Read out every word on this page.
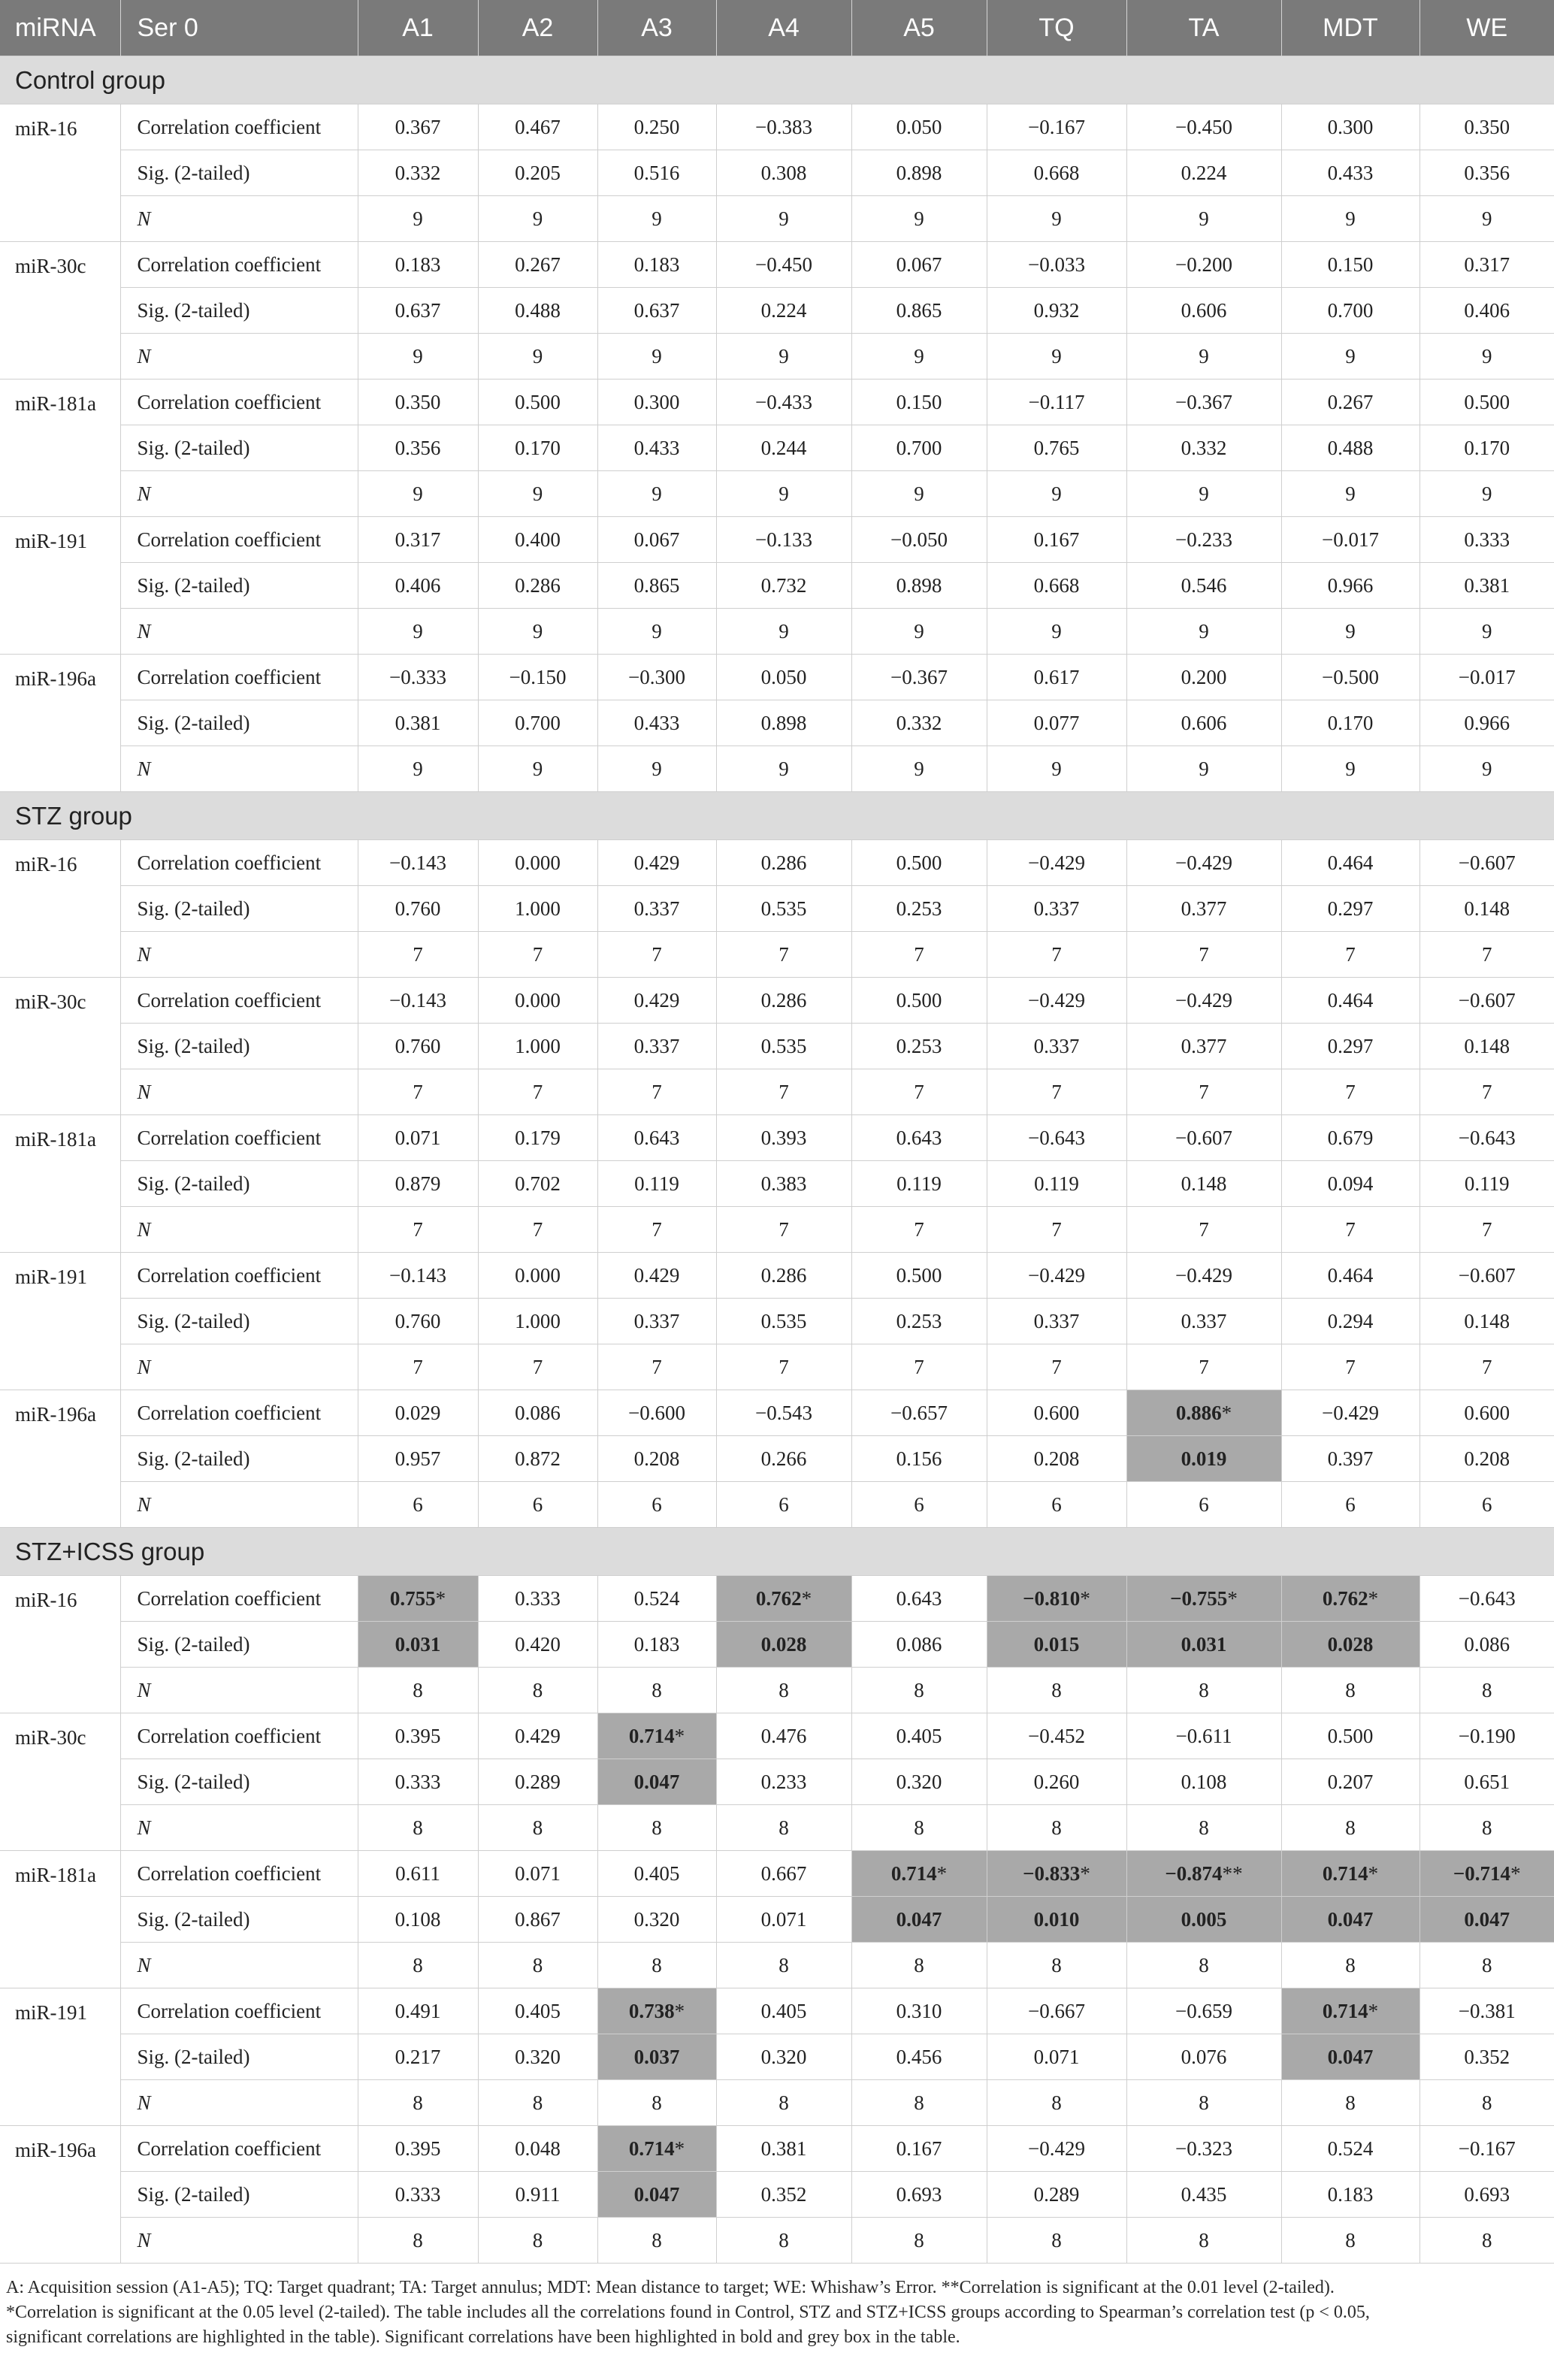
miRNA	Ser 0	A1	A2	A3	A4	A5	TQ	TA	MDT	WE
Control group										
miR-16	Correlation coefficient	0.367	0.467	0.250	−0.383	0.050	−0.167	−0.450	0.300	0.350
	Sig. (2-tailed)	0.332	0.205	0.516	0.308	0.898	0.668	0.224	0.433	0.356
	N	9	9	9	9	9	9	9	9	9
miR-30c	Correlation coefficient	0.183	0.267	0.183	−0.450	0.067	−0.033	−0.200	0.150	0.317
	Sig. (2-tailed)	0.637	0.488	0.637	0.224	0.865	0.932	0.606	0.700	0.406
	N	9	9	9	9	9	9	9	9	9
miR-181a	Correlation coefficient	0.350	0.500	0.300	−0.433	0.150	−0.117	−0.367	0.267	0.500
	Sig. (2-tailed)	0.356	0.170	0.433	0.244	0.700	0.765	0.332	0.488	0.170
	N	9	9	9	9	9	9	9	9	9
miR-191	Correlation coefficient	0.317	0.400	0.067	−0.133	−0.050	0.167	−0.233	−0.017	0.333
	Sig. (2-tailed)	0.406	0.286	0.865	0.732	0.898	0.668	0.546	0.966	0.381
	N	9	9	9	9	9	9	9	9	9
miR-196a	Correlation coefficient	−0.333	−0.150	−0.300	0.050	−0.367	0.617	0.200	−0.500	−0.017
	Sig. (2-tailed)	0.381	0.700	0.433	0.898	0.332	0.077	0.606	0.170	0.966
	N	9	9	9	9	9	9	9	9	9
STZ group										
miR-16	Correlation coefficient	−0.143	0.000	0.429	0.286	0.500	−0.429	−0.429	0.464	−0.607
	Sig. (2-tailed)	0.760	1.000	0.337	0.535	0.253	0.337	0.377	0.297	0.148
	N	7	7	7	7	7	7	7	7	7
miR-30c	Correlation coefficient	−0.143	0.000	0.429	0.286	0.500	−0.429	−0.429	0.464	−0.607
	Sig. (2-tailed)	0.760	1.000	0.337	0.535	0.253	0.337	0.377	0.297	0.148
	N	7	7	7	7	7	7	7	7	7
miR-181a	Correlation coefficient	0.071	0.179	0.643	0.393	0.643	−0.643	−0.607	0.679	−0.643
	Sig. (2-tailed)	0.879	0.702	0.119	0.383	0.119	0.119	0.148	0.094	0.119
	N	7	7	7	7	7	7	7	7	7
miR-191	Correlation coefficient	−0.143	0.000	0.429	0.286	0.500	−0.429	−0.429	0.464	−0.607
	Sig. (2-tailed)	0.760	1.000	0.337	0.535	0.253	0.337	0.337	0.294	0.148
	N	7	7	7	7	7	7	7	7	7
miR-196a	Correlation coefficient	0.029	0.086	−0.600	−0.543	−0.657	0.600	0.886*	−0.429	0.600
	Sig. (2-tailed)	0.957	0.872	0.208	0.266	0.156	0.208	0.019	0.397	0.208
	N	6	6	6	6	6	6	6	6	6
STZ+ICSS group										
miR-16	Correlation coefficient	0.755*	0.333	0.524	0.762*	0.643	−0.810*	−0.755*	0.762*	−0.643
	Sig. (2-tailed)	0.031	0.420	0.183	0.028	0.086	0.015	0.031	0.028	0.086
	N	8	8	8	8	8	8	8	8	8
miR-30c	Correlation coefficient	0.395	0.429	0.714*	0.476	0.405	−0.452	−0.611	0.500	−0.190
	Sig. (2-tailed)	0.333	0.289	0.047	0.233	0.320	0.260	0.108	0.207	0.651
	N	8	8	8	8	8	8	8	8	8
miR-181a	Correlation coefficient	0.611	0.071	0.405	0.667	0.714*	−0.833*	−0.874**	0.714*	−0.714*
	Sig. (2-tailed)	0.108	0.867	0.320	0.071	0.047	0.010	0.005	0.047	0.047
	N	8	8	8	8	8	8	8	8	8
miR-191	Correlation coefficient	0.491	0.405	0.738*	0.405	0.310	−0.667	−0.659	0.714*	−0.381
	Sig. (2-tailed)	0.217	0.320	0.037	0.320	0.456	0.071	0.076	0.047	0.352
	N	8	8	8	8	8	8	8	8	8
miR-196a	Correlation coefficient	0.395	0.048	0.714*	0.381	0.167	−0.429	−0.323	0.524	−0.167
	Sig. (2-tailed)	0.333	0.911	0.047	0.352	0.693	0.289	0.435	0.183	0.693
	N	8	8	8	8	8	8	8	8	8
A: Acquisition session (A1-A5); TQ: Target quadrant; TA: Target annulus; MDT: Mean distance to target; WE: Whishaw’s Error. **Correlation is significant at the 0.01 level (2-tailed).
*Correlation is significant at the 0.05 level (2-tailed). The table includes all the correlations found in Control, STZ and STZ+ICSS groups according to Spearman’s correlation test (p < 0.05,
significant correlations are highlighted in the table). Significant correlations have been highlighted in bold and grey box in the table.
